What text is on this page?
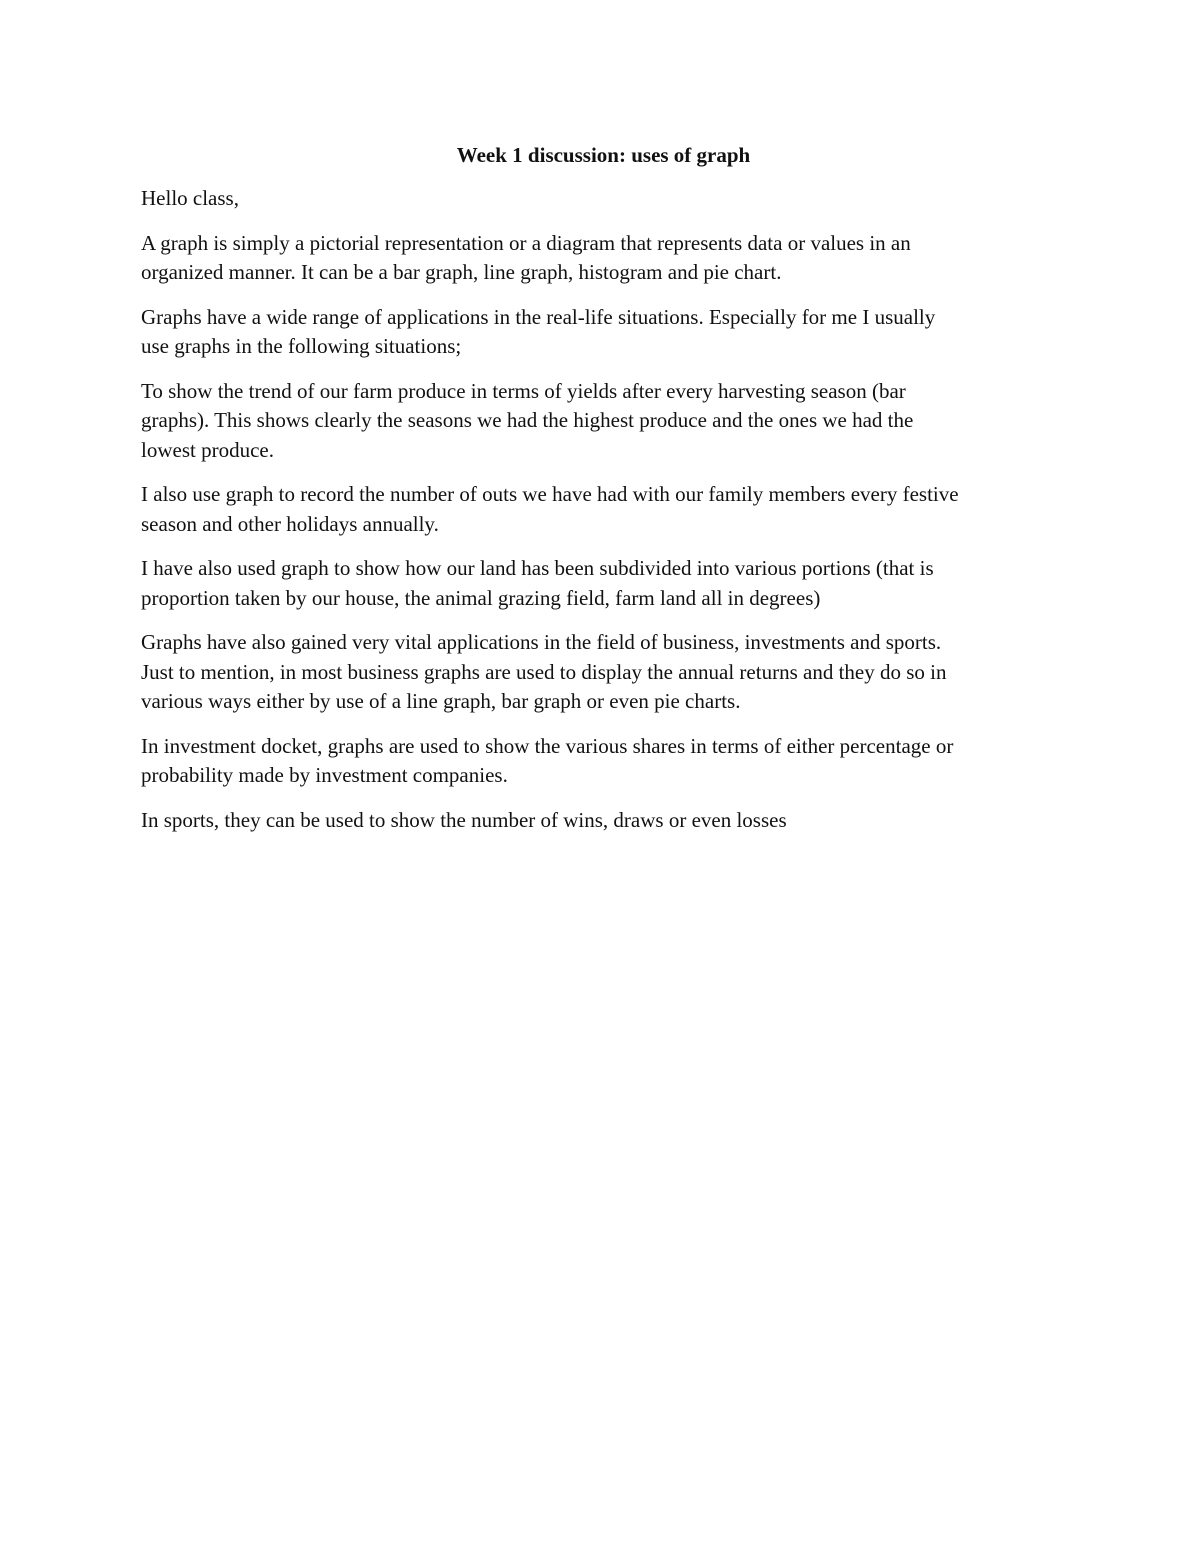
Week 1 discussion: uses of graph
Hello class,
A graph is simply a pictorial representation or a diagram that represents data or values in an
organized manner. It can be a bar graph, line graph, histogram and pie chart.
Graphs have a wide range of applications in the real-life situations. Especially for me I usually
use graphs in the following situations;
To show the trend of our farm produce in terms of yields after every harvesting season (bar
graphs). This shows clearly the seasons we had the highest produce and the ones we had the
lowest produce.
I also use graph to record the number of outs we have had with our family members every festive
season and other holidays annually.
I have also used graph to show how our land has been subdivided into various portions (that is
proportion taken by our house, the animal grazing field, farm land all in degrees)
Graphs have also gained very vital applications in the field of business, investments and sports.
Just to mention, in most business graphs are used to display the annual returns and they do so in
various ways either by use of a line graph, bar graph or even pie charts.
In investment docket, graphs are used to show the various shares in terms of either percentage or
probability made by investment companies.
In sports, they can be used to show the number of wins, draws or even losses
